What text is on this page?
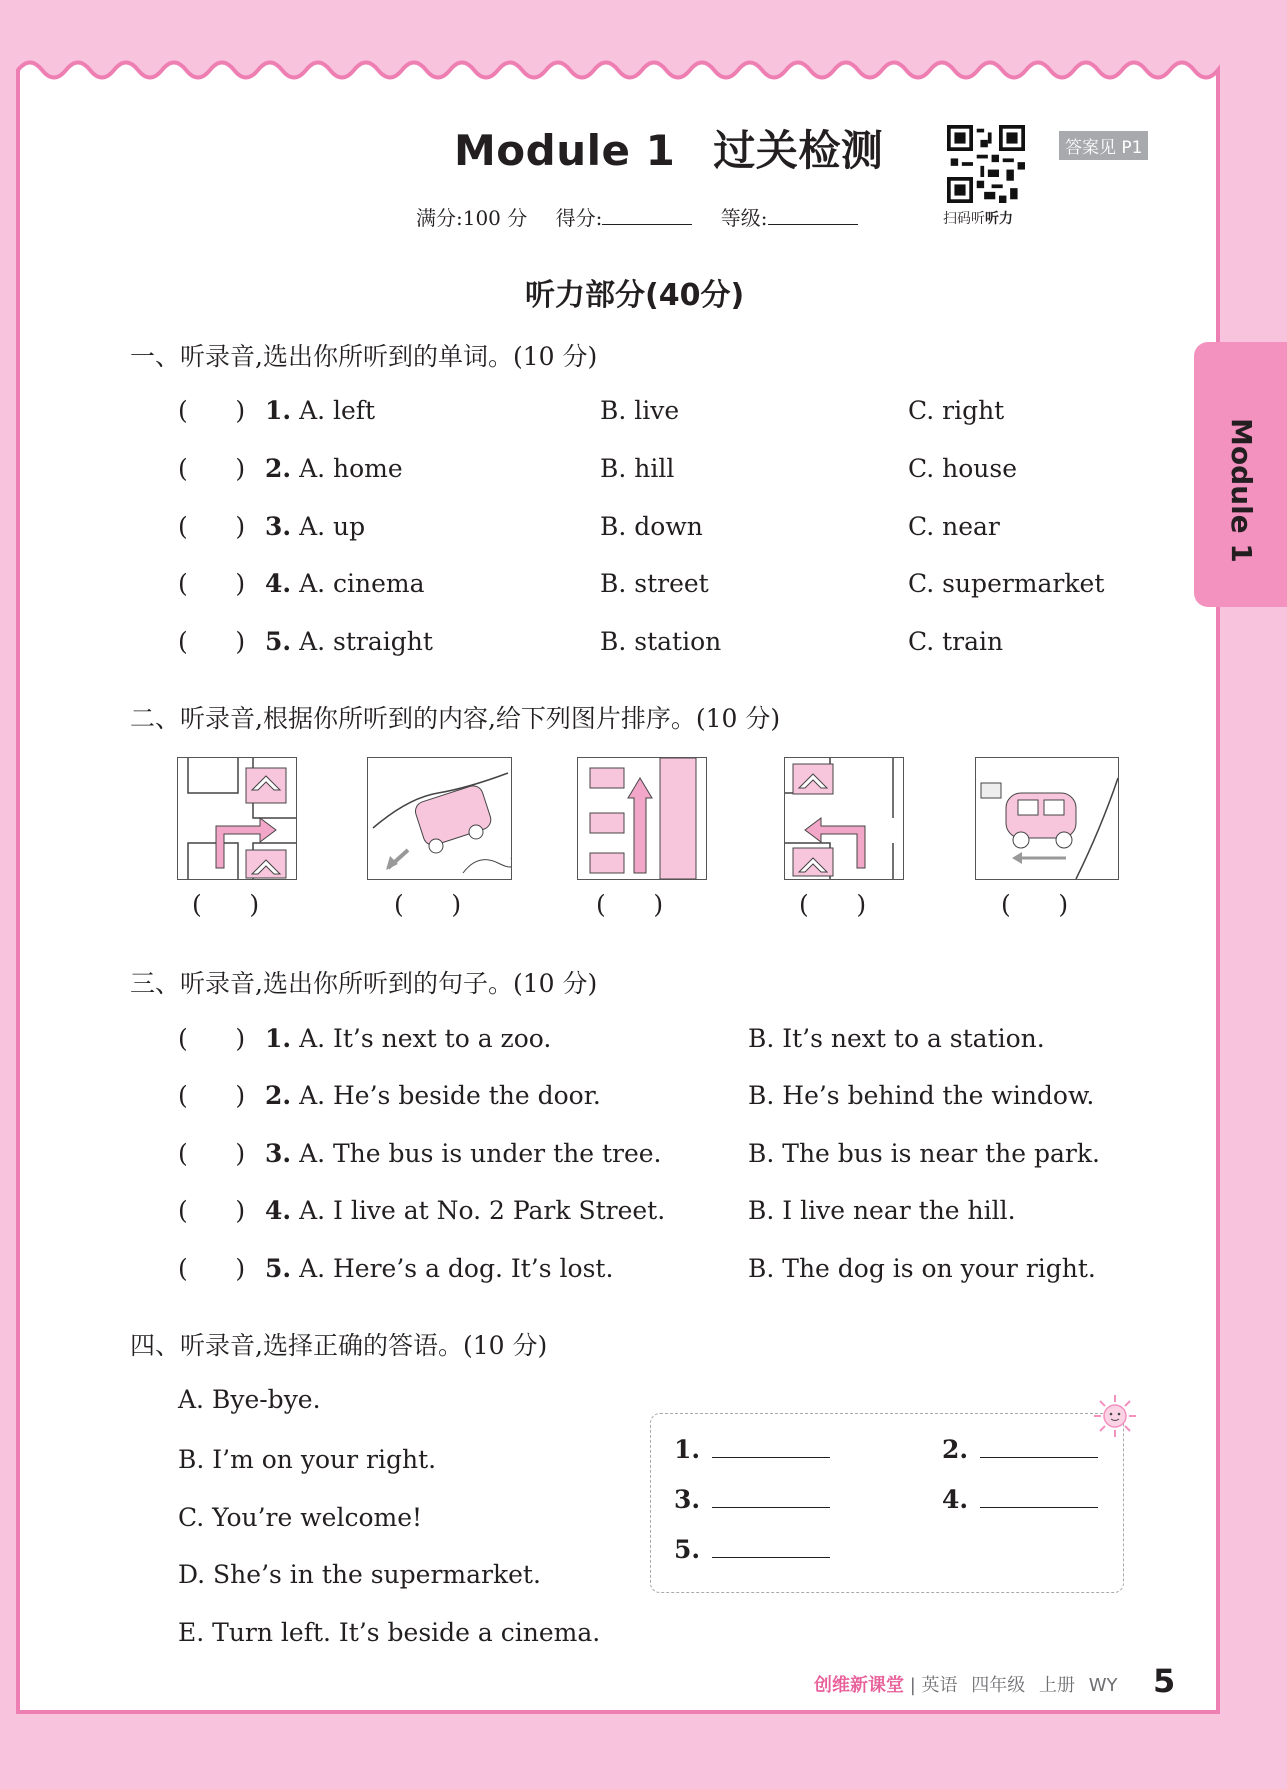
Module 1
Module 1 过关检测	答案见 P1
扫码听听力
满分:100 分 得分:	等级:
听力部分(40分)
一、听录音,选出你所听到的单词。(10 分)
(      ) 1. A. left	B. live	C. right
(      ) 2. A. home	B. hill	C. house
(      ) 3. A. up	B. down	C. near
(      ) 4. A. cinema	B. street	C. supermarket
(      ) 5. A. straight	B. station	C. train
二、听录音,根据你所听到的内容,给下列图片排序。(10 分)
(      )	(      )	(      )	(      )	(      )
三、听录音,选出你所听到的句子。(10 分)
(      ) 1. A. It’s next to a zoo.	B. It’s next to a station.
(      ) 2. A. He’s beside the door.	B. He’s behind the window.
(      ) 3. A. The bus is under the tree.	B. The bus is near the park.
(      ) 4. A. I live at No. 2 Park Street.	B. I live near the hill.
(      ) 5. A. Here’s a dog. It’s lost.	B. The dog is on your right.
四、听录音,选择正确的答语。(10 分)
A. Bye-bye.
B. I’m on your right.
C. You’re welcome!
D. She’s in the supermarket.
E. Turn left. It’s beside a cinema.
1.	2.
3.	4.
5.
创维新课堂 | 英语 四年级 上册 WY 5
